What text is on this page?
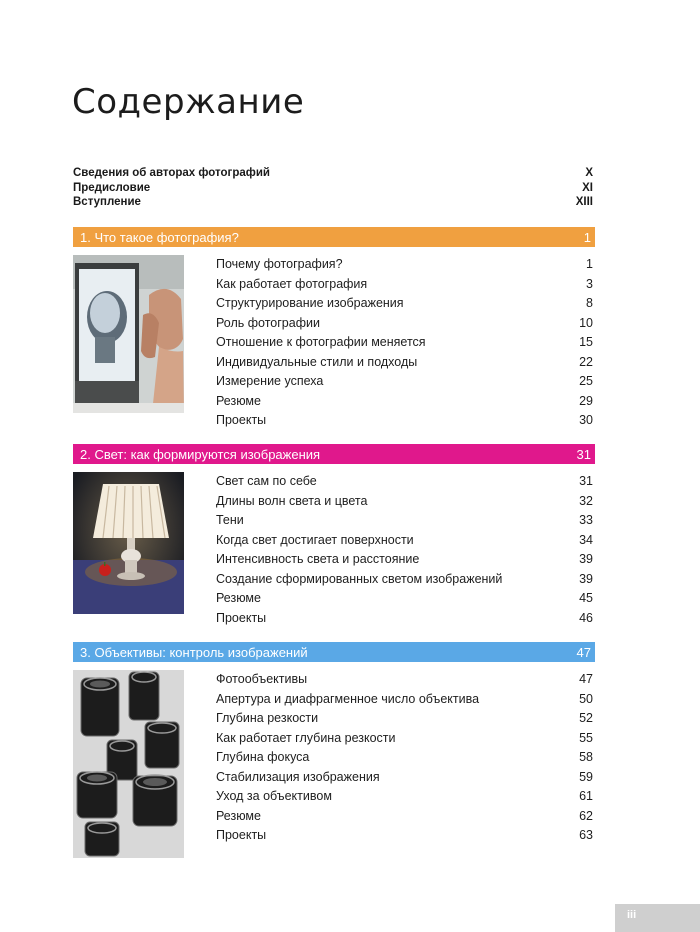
Содержание
Сведения об авторах фотографий	X
Предисловие	XI
Вступление	XIII
1. Что такое фотография?	1
Почему фотография?	1
Как работает фотография	3
Структурирование изображения	8
Роль фотографии	10
Отношение к фотографии меняется	15
Индивидуальные стили и подходы	22
Измерение успеха	25
Резюме	29
Проекты	30
2. Свет: как формируются изображения	31
Свет сам по себе	31
Длины волн света и цвета	32
Тени	33
Когда свет достигает поверхности	34
Интенсивность света и расстояние	39
Создание сформированных светом изображений	39
Резюме	45
Проекты	46
3. Объективы: контроль изображений	47
Фотообъективы	47
Апертура и диафрагменное число объектива	50
Глубина резкости	52
Как работает глубина резкости	55
Глубина фокуса	58
Стабилизация изображения	59
Уход за объективом	61
Резюме	62
Проекты	63
iii
